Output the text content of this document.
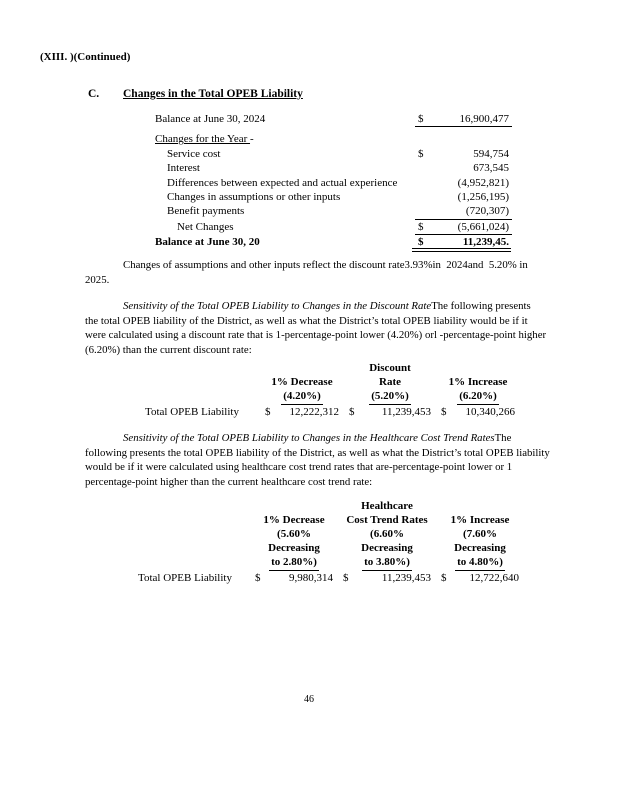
(XIII. )(Continued)
C. Changes in the Total OPEB Liability
Balance at June 30, 2024	$	16,900,477
Changes for the Year -
Service cost	$	594,754
Interest	673,545
Differences between expected and actual experience	(4,952,821)
Changes in assumptions or other inputs	(1,256,195)
Benefit payments	(720,307)
Net Changes	$	(5,661,024)
Balance at June 30, 20	$	11,239,45.
Changes of assumptions and other inputs reflect the discount rate3.93%in  2024and  5.20% in
2025.
Sensitivity of the Total OPEB Liability to Changes in the Discount RateThe following presents
the total OPEB liability of the District, as well as what the District’s total OPEB liability would be if it
were calculated using a discount rate that is 1-percentage-point lower (4.20%) orl -percentage-point higher
(6.20%) than the current discount rate:
Discount
1% Decrease	Rate	1% Increase
(4.20%)	(5.20%)	(6.20%)
Total OPEB Liability	$ 12,222,312 $ 11,239,453 $ 10,340,266
Sensitivity of the Total OPEB Liability to Changes in the Healthcare Cost Trend RatesThe
following presents the total OPEB liability of the District, as well as what the District’s total OPEB liability
would be if it were calculated using healthcare cost trend rates that are-percentage-point lower or 1
percentage-point higher than the current healthcare cost trend rate:
Healthcare
1% Decrease	Cost Trend Rates	1% Increase
(5.60%	(6.60%	(7.60%
Decreasing	Decreasing	Decreasing
to 2.80%)	to 3.80%)	to 4.80%)
Total OPEB Liability	$	9,980,314 $	11,239,453 $ 12,722,640
46
